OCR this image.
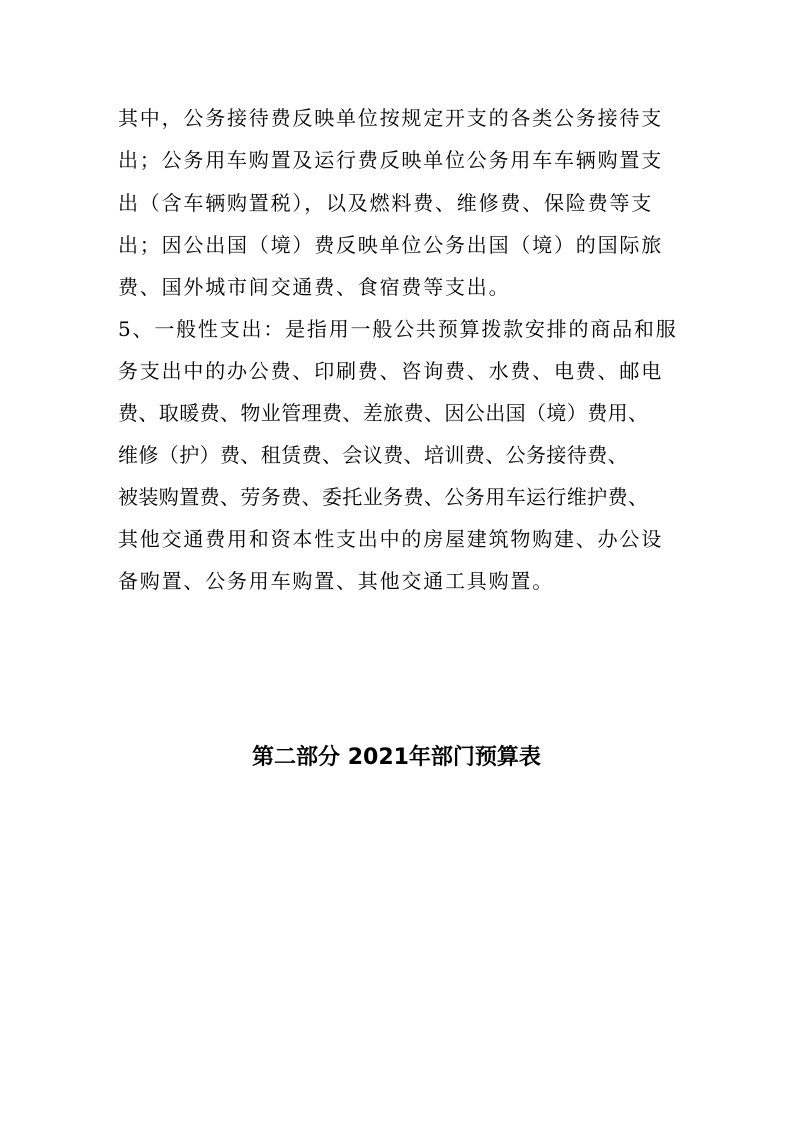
其中，公务接待费反映单位按规定开支的各类公务接待支
出；公务用车购置及运行费反映单位公务用车车辆购置支
出（含车辆购置税），以及燃料费、维修费、保险费等支
出；因公出国（境）费反映单位公务出国（境）的国际旅
费、国外城市间交通费、食宿费等支出。
5、一般性支出：是指用一般公共预算拨款安排的商品和服
务支出中的办公费、印刷费、咨询费、水费、电费、邮电
费、取暖费、物业管理费、差旅费、因公出国（境）费用、
维修（护）费、租赁费、会议费、培训费、公务接待费、
被装购置费、劳务费、委托业务费、公务用车运行维护费、
其他交通费用和资本性支出中的房屋建筑物购建、办公设
备购置、公务用车购置、其他交通工具购置。
第二部分 2021年部门预算表
